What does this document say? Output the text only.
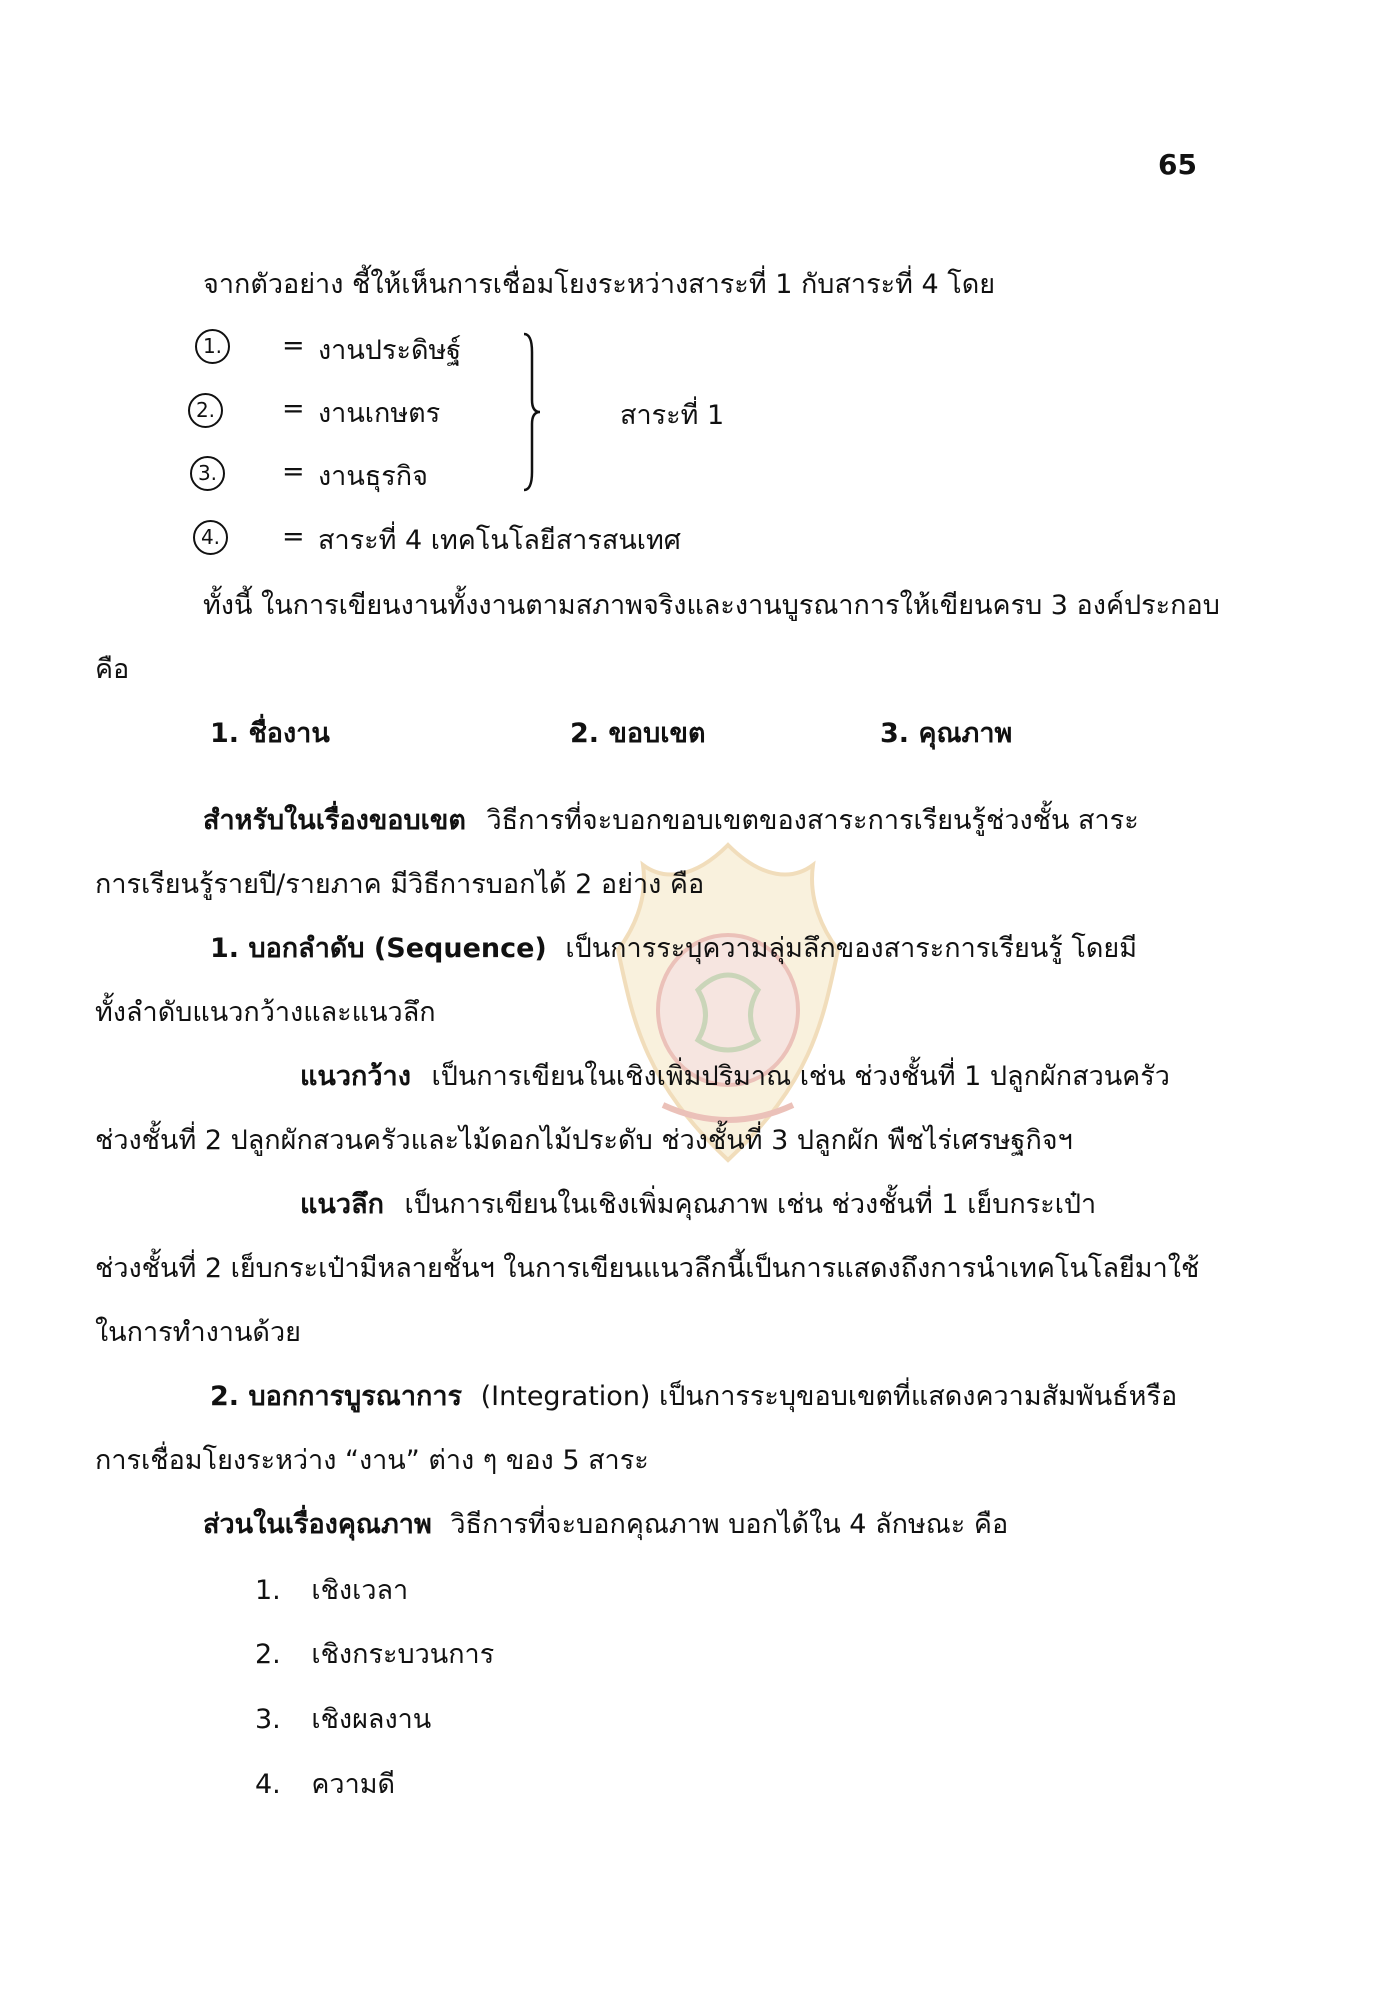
65
จากตัวอย่าง ชี้ให้เห็นการเชื่อมโยงระหว่างสาระที่ 1 กับสาระที่ 4 โดย
1. = งานประดิษฐ์
2. = งานเกษตร
3. = งานธุรกิจ
4. = สาระที่ 4 เทคโนโลยีสารสนเทศ
สาระที่ 1
ทั้งนี้ ในการเขียนงานทั้งงานตามสภาพจริงและงานบูรณาการให้เขียนครบ 3 องค์ประกอบ
คือ
1. ชื่องาน	2. ขอบเขต	3. คุณภาพ
สำหรับในเรื่องขอบเขต วิธีการที่จะบอกขอบเขตของสาระการเรียนรู้ช่วงชั้น สาระ
การเรียนรู้รายปี/รายภาค มีวิธีการบอกได้ 2 อย่าง คือ
1. บอกลำดับ (Sequence) เป็นการระบุความลุ่มลึกของสาระการเรียนรู้ โดยมี
ทั้งลำดับแนวกว้างและแนวลึก
แนวกว้าง เป็นการเขียนในเชิงเพิ่มปริมาณ เช่น ช่วงชั้นที่ 1 ปลูกผักสวนครัว
ช่วงชั้นที่ 2 ปลูกผักสวนครัวและไม้ดอกไม้ประดับ ช่วงชั้นที่ 3 ปลูกผัก พืชไร่เศรษฐกิจฯ
แนวลึก เป็นการเขียนในเชิงเพิ่มคุณภาพ เช่น ช่วงชั้นที่ 1 เย็บกระเป๋า
ช่วงชั้นที่ 2 เย็บกระเป๋ามีหลายชั้นฯ ในการเขียนแนวลึกนี้เป็นการแสดงถึงการนำเทคโนโลยีมาใช้
ในการทำงานด้วย
2. บอกการบูรณาการ (Integration) เป็นการระบุขอบเขตที่แสดงความสัมพันธ์หรือ
การเชื่อมโยงระหว่าง “งาน” ต่าง ๆ ของ 5 สาระ
ส่วนในเรื่องคุณภาพ วิธีการที่จะบอกคุณภาพ บอกได้ใน 4 ลักษณะ คือ
1. เชิงเวลา
2. เชิงกระบวนการ
3. เชิงผลงาน
4. ความดี
